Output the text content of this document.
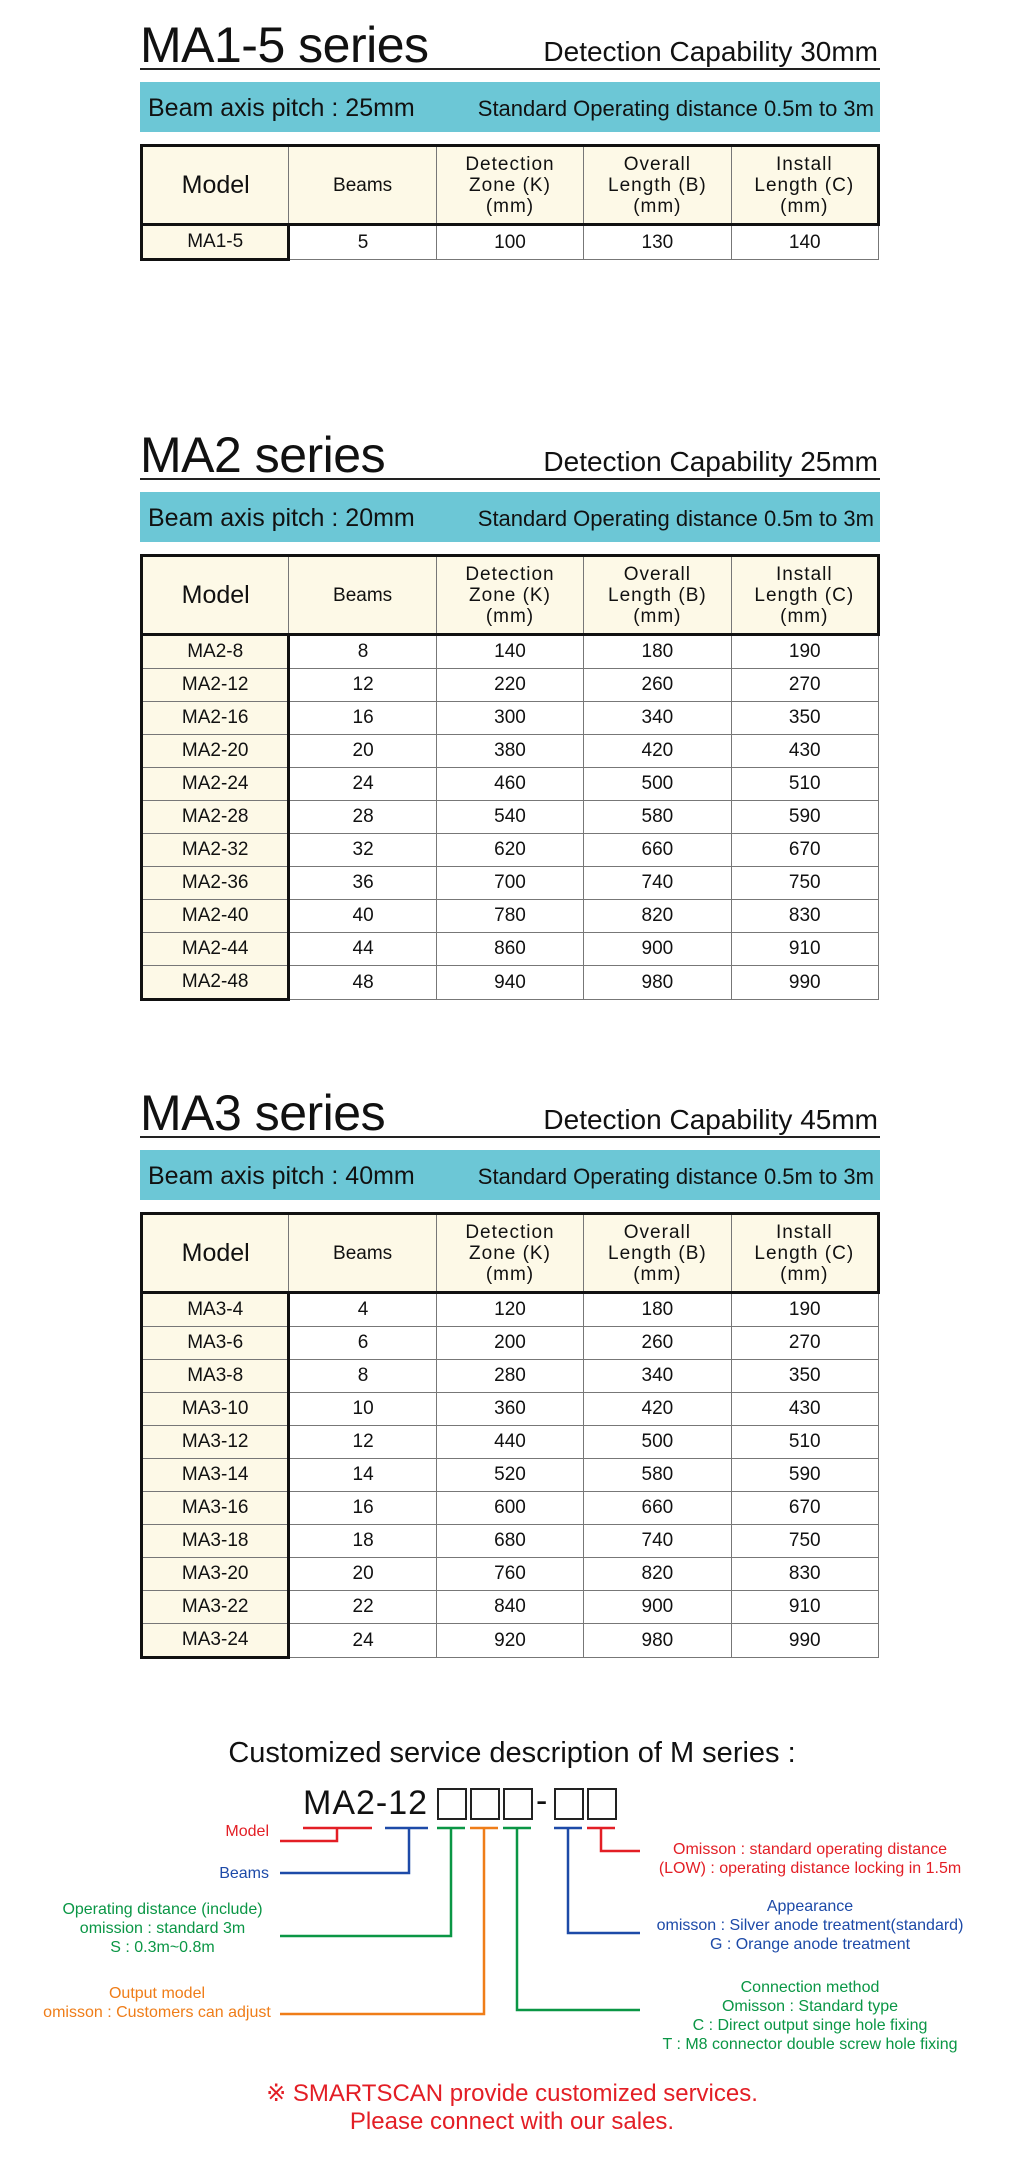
MA1-5 series	Detection Capability 30mm
Beam axis pitch : 25mm	Standard Operating distance 0.5m to 3m
Model	Beams	Detection Zone (K)(mm)	Overall Length (B)(mm)	Install Length (C)(mm)
MA1-5	5	100	130	140
MA2 series	Detection Capability 25mm
Beam axis pitch : 20mm	Standard Operating distance 0.5m to 3m
Model	Beams	Detection Zone (K)(mm)	Overall Length (B)(mm)	Install Length (C)(mm)
MA2-8	8	140	180	190
MA2-12	12	220	260	270
MA2-16	16	300	340	350
MA2-20	20	380	420	430
MA2-24	24	460	500	510
MA2-28	28	540	580	590
MA2-32	32	620	660	670
MA2-36	36	700	740	750
MA2-40	40	780	820	830
MA2-44	44	860	900	910
MA2-48	48	940	980	990
MA3 series	Detection Capability 45mm
Beam axis pitch : 40mm	Standard Operating distance 0.5m to 3m
Model	Beams	Detection Zone (K)(mm)	Overall Length (B)(mm)	Install Length (C)(mm)
MA3-4	4	120	180	190
MA3-6	6	200	260	270
MA3-8	8	280	340	350
MA3-10	10	360	420	430
MA3-12	12	440	500	510
MA3-14	14	520	580	590
MA3-16	16	600	660	670
MA3-18	18	680	740	750
MA3-20	20	760	820	830
MA3-22	22	840	900	910
MA3-24	24	920	980	990
Customized service description of M series :
MA2-12	-
Model
Beams
Operating distance (include)
omission : standard 3m
S : 0.3m~0.8m
Output model
omisson : Customers can adjust
Omisson : standard operating distance
(LOW) : operating distance locking in 1.5m
Appearance
omisson : Silver anode treatment(standard)
G : Orange anode treatment
Connection method
Omisson : Standard type
C : Direct output singe hole fixing
T : M8 connector double screw hole fixing
※ SMARTSCAN provide customized services.
Please connect with our sales.
